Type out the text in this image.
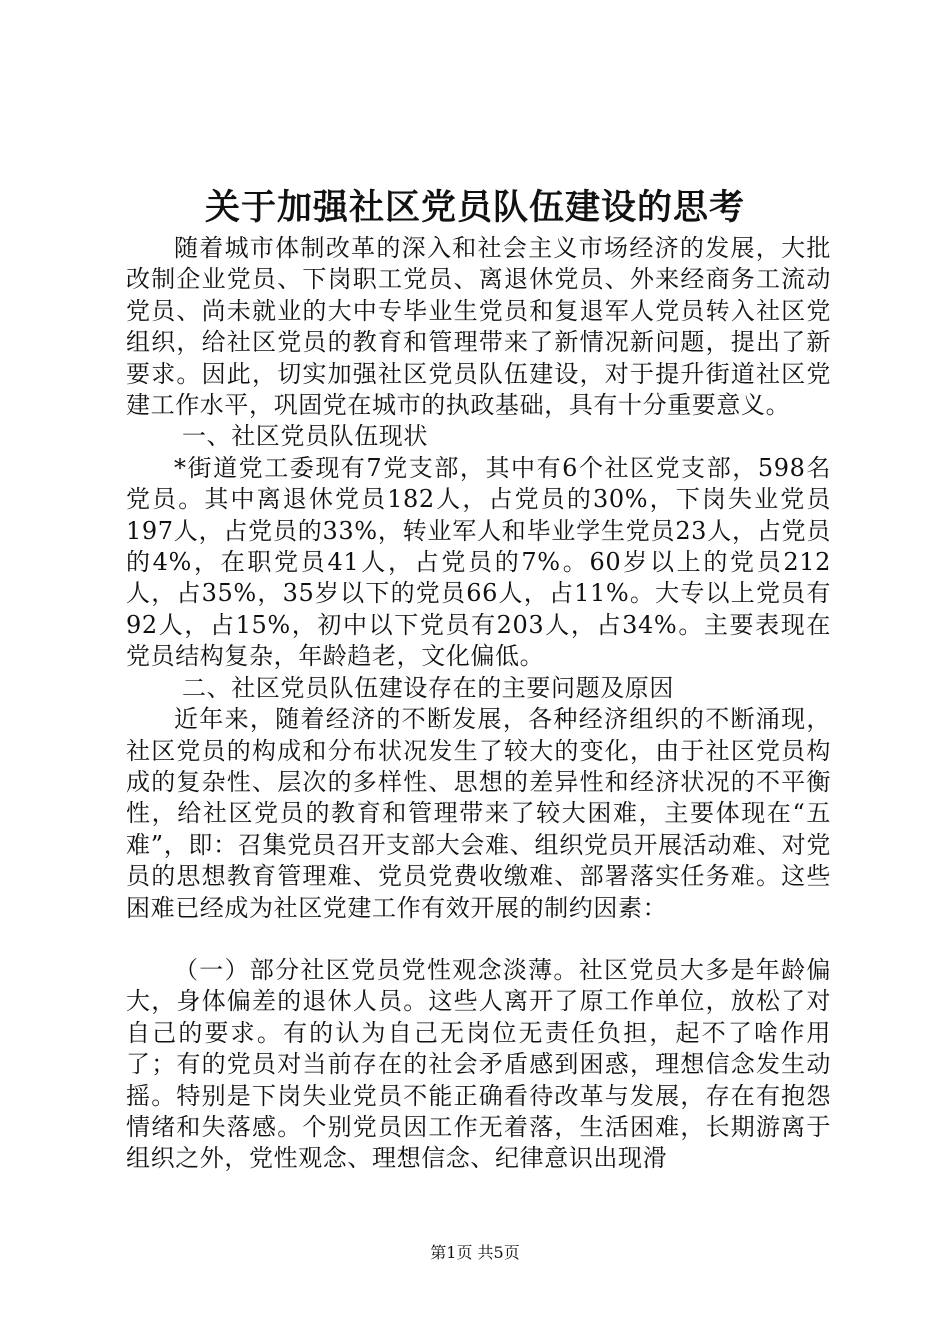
关于加强社区党员队伍建设的思考

随着城市体制改革的深入和社会主义市场经济的发展，大批改制企业党员、下岗职工党员、离退休党员、外来经商务工流动党员、尚未就业的大中专毕业生党员和复退军人党员转入社区党组织，给社区党员的教育和管理带来了新情况新问题，提出了新要求。因此，切实加强社区党员队伍建设，对于提升街道社区党建工作水平，巩固党在城市的执政基础，具有十分重要意义。

一、社区党员队伍现状

*街道党工委现有7党支部，其中有6个社区党支部，598名党员。其中离退休党员182人，占党员的30%，下岗失业党员197人，占党员的33%，转业军人和毕业学生党员23人，占党员的4%，在职党员41人，占党员的7%。60岁以上的党员212人，占35%，35岁以下的党员66人，占11%。大专以上党员有92人，占15%，初中以下党员有203人，占34%。主要表现在党员结构复杂，年龄趋老，文化偏低。

二、社区党员队伍建设存在的主要问题及原因

近年来，随着经济的不断发展，各种经济组织的不断涌现，社区党员的构成和分布状况发生了较大的变化，由于社区党员构成的复杂性、层次的多样性、思想的差异性和经济状况的不平衡性，给社区党员的教育和管理带来了较大困难，主要体现在“五难”，即：召集党员召开支部大会难、组织党员开展活动难、对党员的思想教育管理难、党员党费收缴难、部署落实任务难。这些困难已经成为社区党建工作有效开展的制约因素：

（一）部分社区党员党性观念淡薄。社区党员大多是年龄偏大，身体偏差的退休人员。这些人离开了原工作单位，放松了对自己的要求。有的认为自己无岗位无责任负担，起不了啥作用了；有的党员对当前存在的社会矛盾感到困惑，理想信念发生动摇。特别是下岗失业党员不能正确看待改革与发展，存在有抱怨情绪和失落感。个别党员因工作无着落，生活困难，长期游离于组织之外，党性观念、理想信念、纪律意识出现滑

第1页 共5页
